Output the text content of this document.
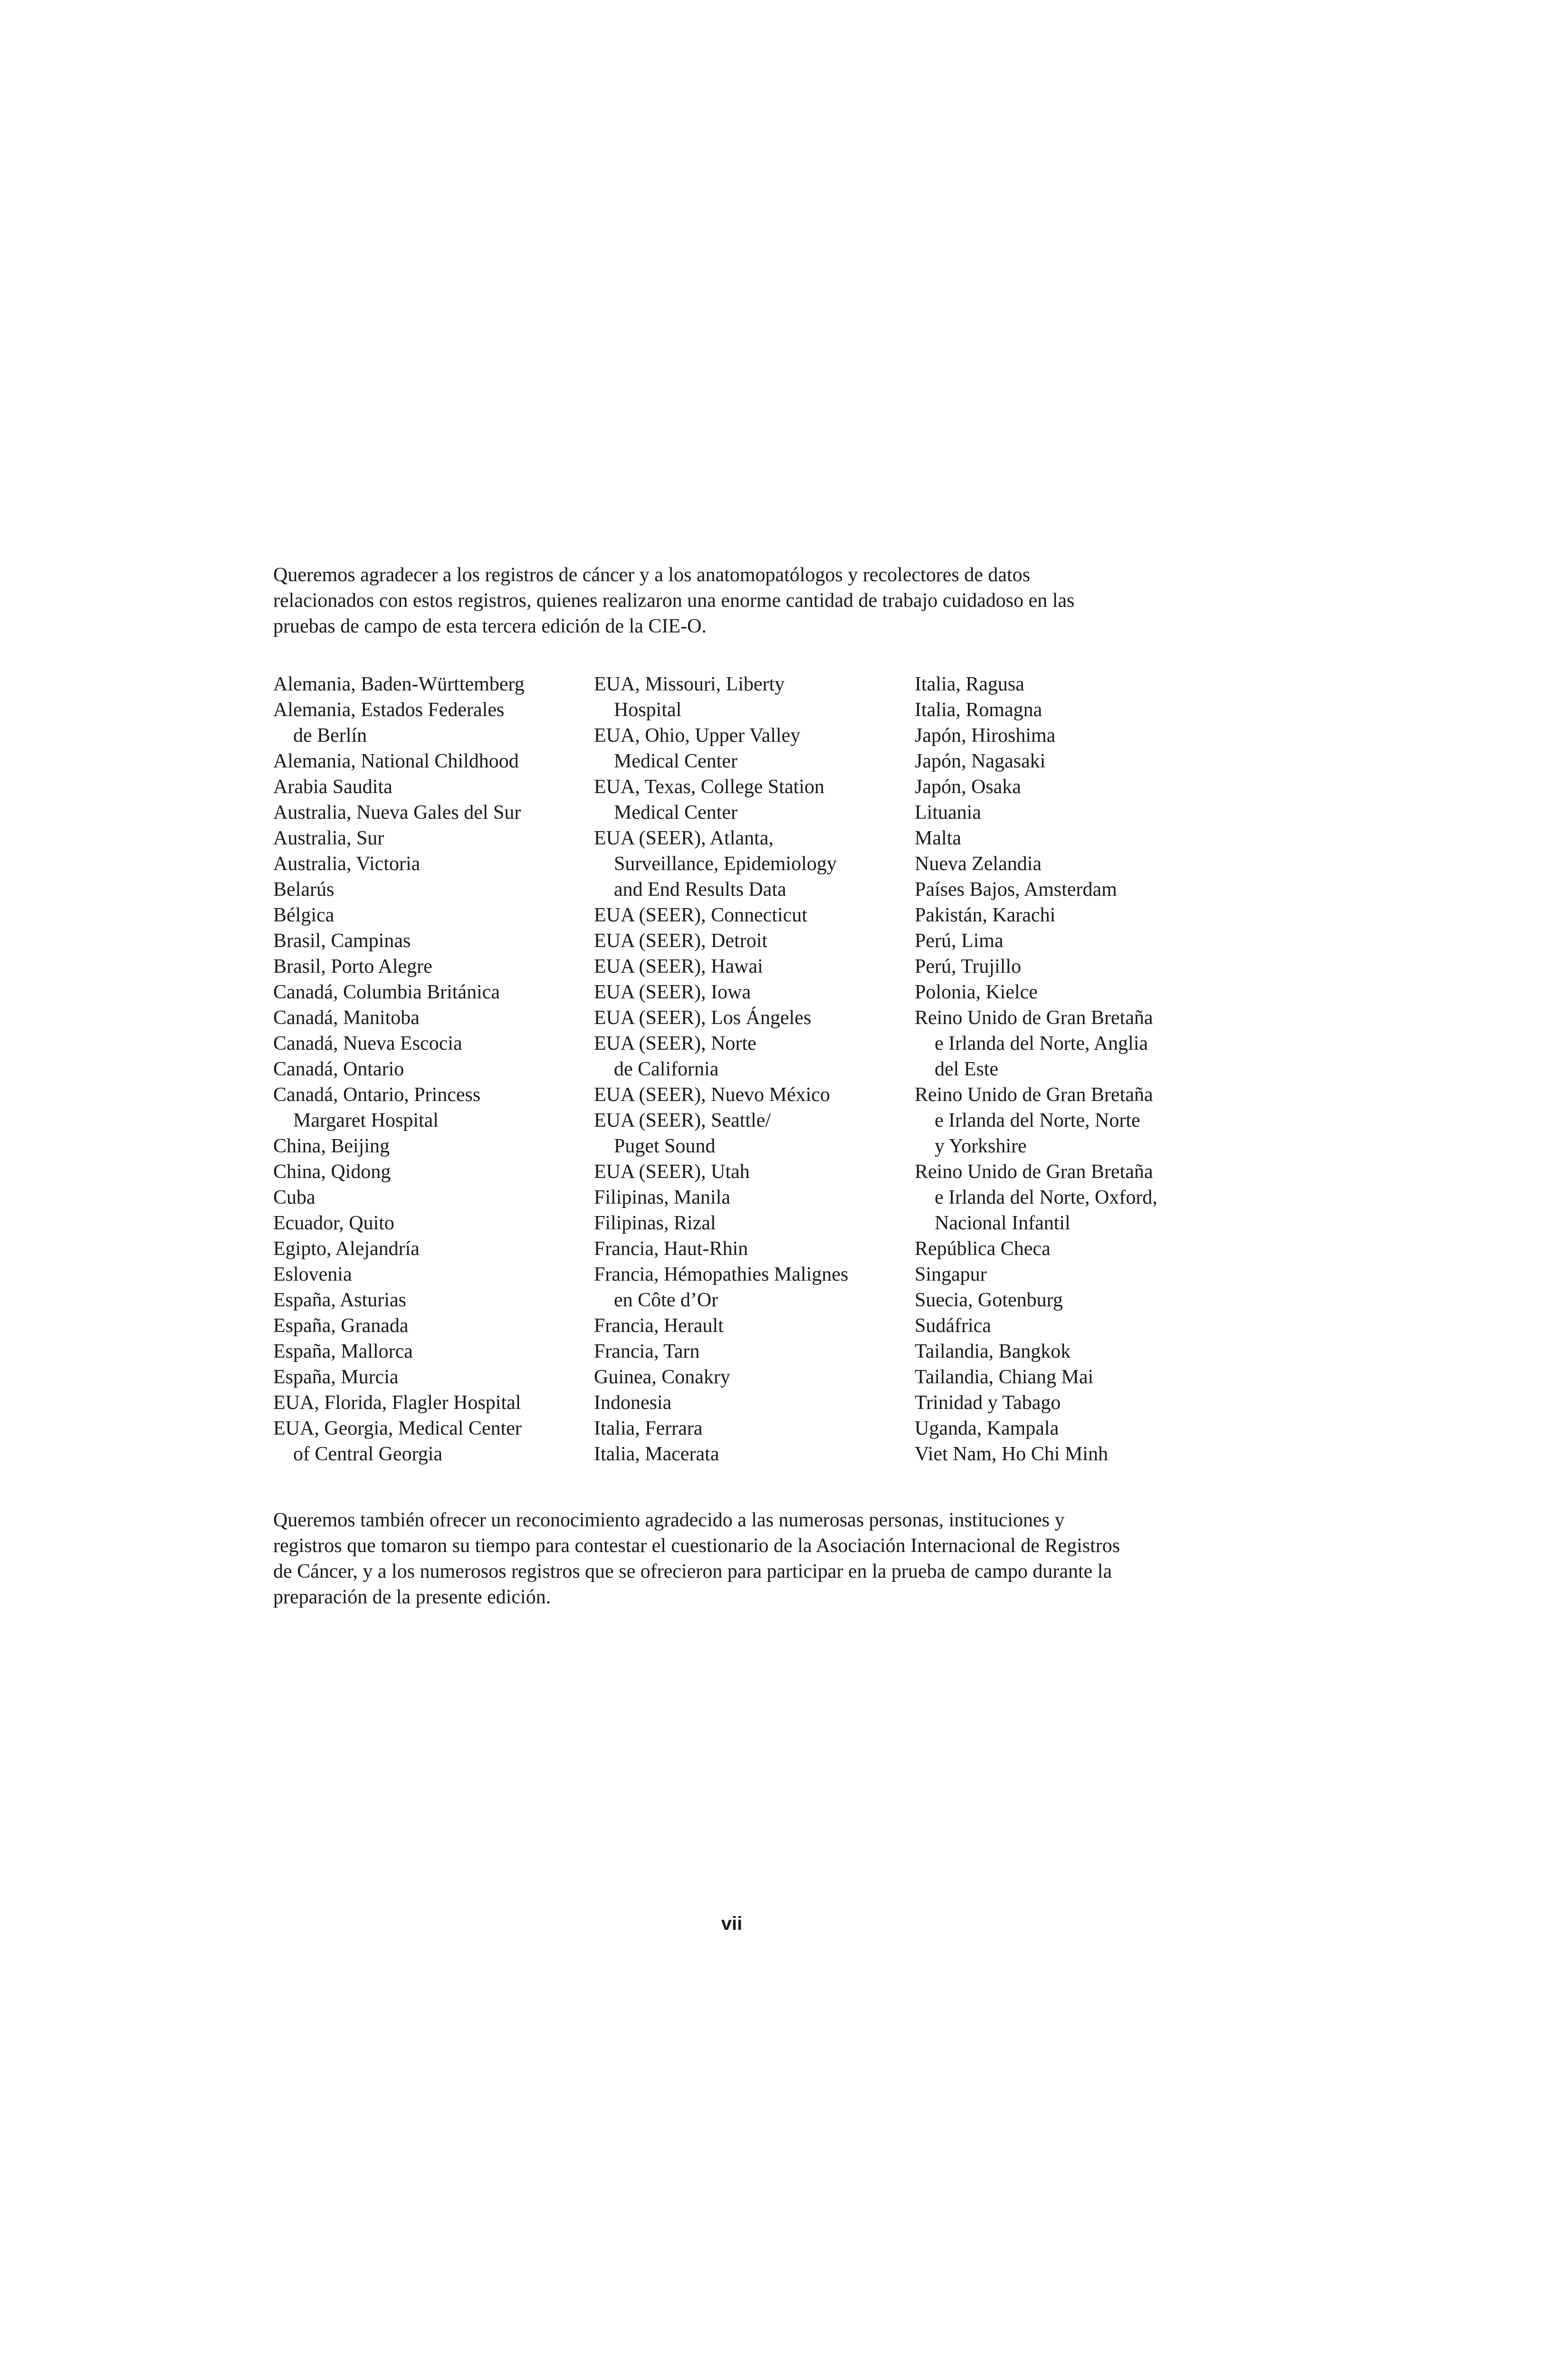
Queremos agradecer a los registros de cáncer y a los anatomopatólogos y recolectores de datos
relacionados con estos registros, quienes realizaron una enorme cantidad de trabajo cuidadoso en las
pruebas de campo de esta tercera edición de la CIE-O.

Alemania, Baden-Württemberg
Alemania, Estados Federales
de Berlín
Alemania, National Childhood
Arabia Saudita
Australia, Nueva Gales del Sur
Australia, Sur
Australia, Victoria
Belarús
Bélgica
Brasil, Campinas
Brasil, Porto Alegre
Canadá, Columbia Británica
Canadá, Manitoba
Canadá, Nueva Escocia
Canadá, Ontario
Canadá, Ontario, Princess
Margaret Hospital
China, Beijing
China, Qidong
Cuba
Ecuador, Quito
Egipto, Alejandría
Eslovenia
España, Asturias
España, Granada
España, Mallorca
España, Murcia
EUA, Florida, Flagler Hospital
EUA, Georgia, Medical Center
of Central Georgia
EUA, Missouri, Liberty
Hospital
EUA, Ohio, Upper Valley
Medical Center
EUA, Texas, College Station
Medical Center
EUA (SEER), Atlanta,
Surveillance, Epidemiology
and End Results Data
EUA (SEER), Connecticut
EUA (SEER), Detroit
EUA (SEER), Hawai
EUA (SEER), Iowa
EUA (SEER), Los Ángeles
EUA (SEER), Norte
de California
EUA (SEER), Nuevo México
EUA (SEER), Seattle/
Puget Sound
EUA (SEER), Utah
Filipinas, Manila
Filipinas, Rizal
Francia, Haut-Rhin
Francia, Hémopathies Malignes
en Côte d’Or
Francia, Herault
Francia, Tarn
Guinea, Conakry
Indonesia
Italia, Ferrara
Italia, Macerata
Italia, Ragusa
Italia, Romagna
Japón, Hiroshima
Japón, Nagasaki
Japón, Osaka
Lituania
Malta
Nueva Zelandia
Países Bajos, Amsterdam
Pakistán, Karachi
Perú, Lima
Perú, Trujillo
Polonia, Kielce
Reino Unido de Gran Bretaña
e Irlanda del Norte, Anglia
del Este
Reino Unido de Gran Bretaña
e Irlanda del Norte, Norte
y Yorkshire
Reino Unido de Gran Bretaña
e Irlanda del Norte, Oxford,
Nacional Infantil
República Checa
Singapur
Suecia, Gotenburg
Sudáfrica
Tailandia, Bangkok
Tailandia, Chiang Mai
Trinidad y Tabago
Uganda, Kampala
Viet Nam, Ho Chi Minh

Queremos también ofrecer un reconocimiento agradecido a las numerosas personas, instituciones y
registros que tomaron su tiempo para contestar el cuestionario de la Asociación Internacional de Registros
de Cáncer, y a los numerosos registros que se ofrecieron para participar en la prueba de campo durante la
preparación de la presente edición.

vii
